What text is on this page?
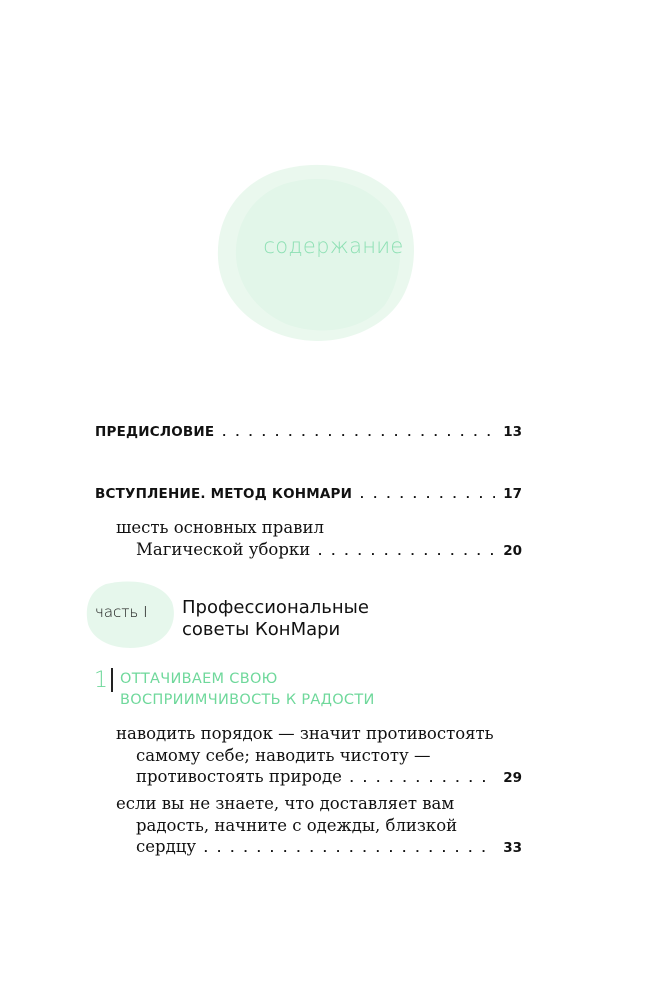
содержание
ПРЕДИСЛОВИЕ . . .	13
ВСТУПЛЕНИЕ. МЕТОД КОНМАРИ . . .	17
шесть основных правил
Магической уборки . . .	20
часть I Профессиональные
советы КонМари
1 ОТТАЧИВАЕМ СВОЮ
ВОСПРИИМЧИВОСТЬ К РАДОСТИ
наводить порядок — значит противостоять
самому себе; наводить чистоту —
противостоять природе . . .	29
если вы не знаете, что доставляет вам
радость, начните с одежды, близкой
сердцу . . .	33
